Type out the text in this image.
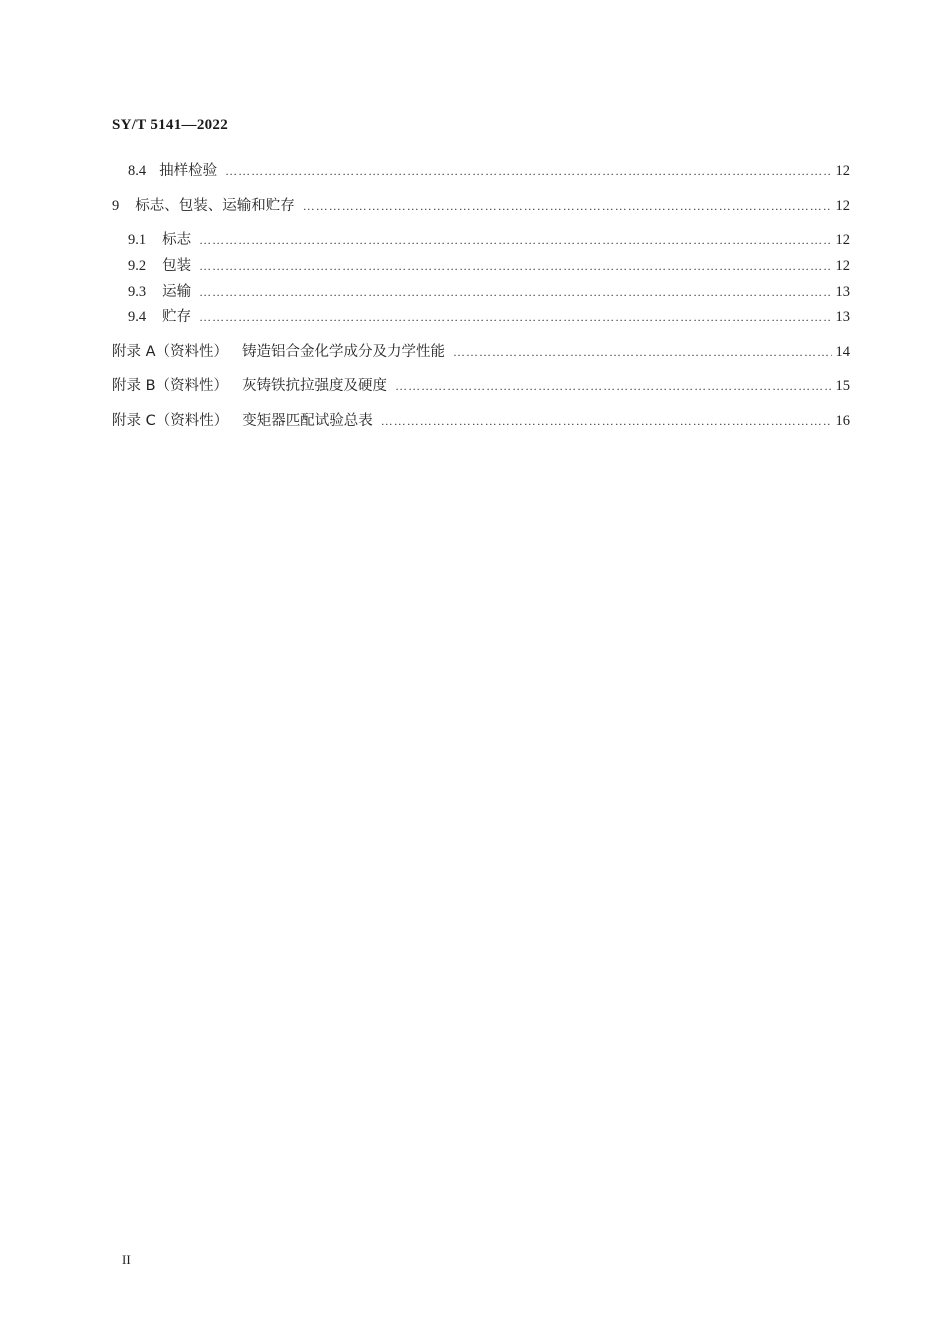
SY/T 5141—2022
8.4 抽样检验 ………………………………………………………………………………………………………………………………………………………………………………………………………………………………………………	12
9 标志、包装、运输和贮存 ………………………………………………………………………………………………………………………………………………………………………………………………………………………………………………	12
9.1 标志 ………………………………………………………………………………………………………………………………………………………………………………………………………………………………………………	12
9.2 包装 ………………………………………………………………………………………………………………………………………………………………………………………………………………………………………………	12
9.3 运输 ………………………………………………………………………………………………………………………………………………………………………………………………………………………………………………	13
9.4 贮存 ………………………………………………………………………………………………………………………………………………………………………………………………………………………………………………	13
附录 A（资料性） 铸造铝合金化学成分及力学性能 ………………………………………………………………………………………………………………………………………………………………………………………………………………………………………………	14
附录 B（资料性） 灰铸铁抗拉强度及硬度 ………………………………………………………………………………………………………………………………………………………………………………………………………………………………………………	15
附录 C（资料性） 变矩器匹配试验总表 ………………………………………………………………………………………………………………………………………………………………………………………………………………………………………………	16
II
